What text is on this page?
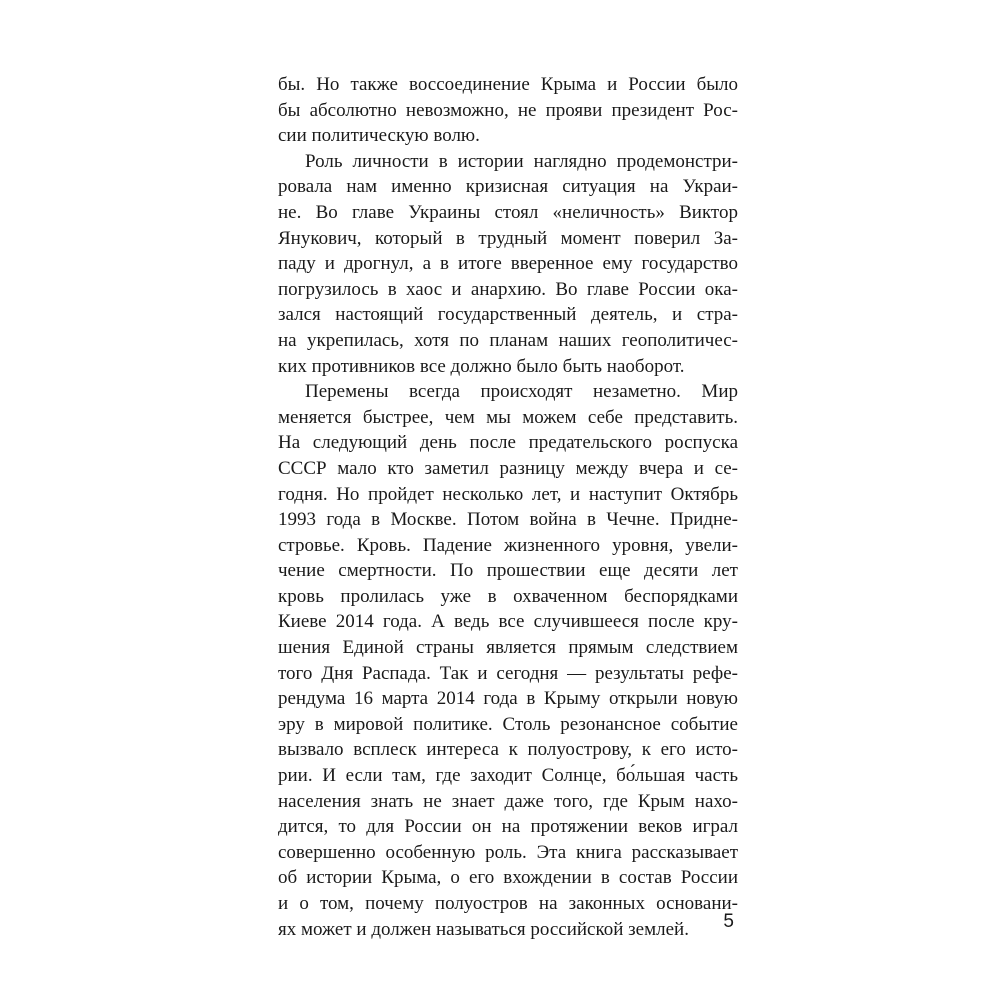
бы. Но также воссоединение Крыма и России было
бы абсолютно невозможно, не прояви президент Рос-
сии политическую волю.
Роль личности в истории наглядно продемонстри-
ровала нам именно кризисная ситуация на Украи-
не. Во главе Украины стоял «неличность» Виктор
Янукович, который в трудный момент поверил За-
паду и дрогнул, а в итоге вверенное ему государство
погрузилось в хаос и анархию. Во главе России ока-
зался настоящий государственный деятель, и стра-
на укрепилась, хотя по планам наших геополитичес-
ких противников все должно было быть наоборот.
Перемены всегда происходят незаметно. Мир
меняется быстрее, чем мы можем себе представить.
На следующий день после предательского роспуска
СССР мало кто заметил разницу между вчера и се-
годня. Но пройдет несколько лет, и наступит Октябрь
1993 года в Москве. Потом война в Чечне. Придне-
стровье. Кровь. Падение жизненного уровня, увели-
чение смертности. По прошествии еще десяти лет
кровь пролилась уже в охваченном беспорядками
Киеве 2014 года. А ведь все случившееся после кру-
шения Единой страны является прямым следствием
того Дня Распада. Так и сегодня — результаты рефе-
рендума 16 марта 2014 года в Крыму открыли новую
эру в мировой политике. Столь резонансное событие
вызвало всплеск интереса к полуострову, к его исто-
рии. И если там, где заходит Солнце, бо́льшая часть
населения знать не знает даже того, где Крым нахо-
дится, то для России он на протяжении веков играл
совершенно особенную роль. Эта книга рассказывает
об истории Крыма, о его вхождении в состав России
и о том, почему полуостров на законных основани-
ях может и должен называться российской землей.	5
